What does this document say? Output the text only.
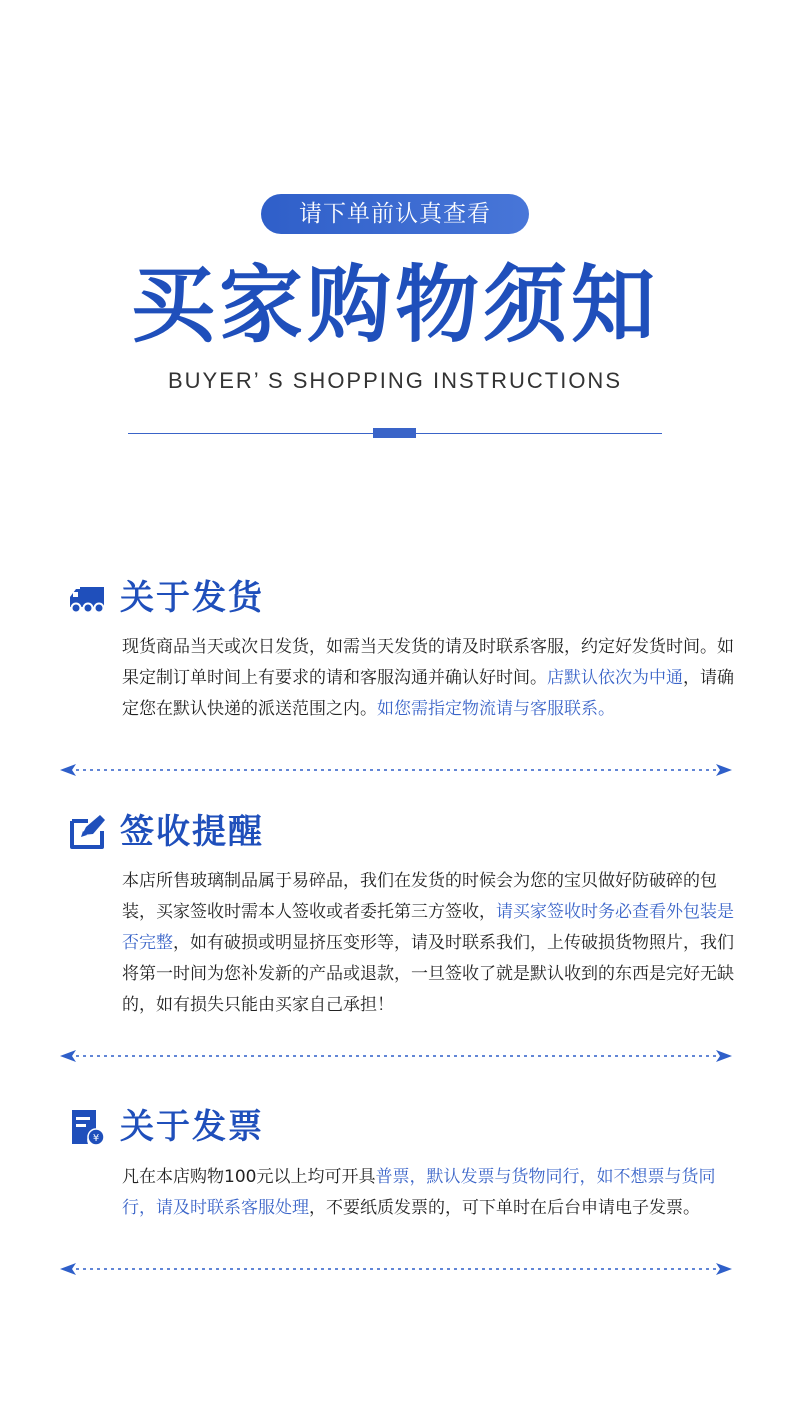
请下单前认真查看
买家购物须知
BUYER’ S SHOPPING INSTRUCTIONS
关于发货
现货商品当天或次日发货，如需当天发货的请及时联系客服，约定好发货时间。如果定制订单时间上有要求的请和客服沟通并确认好时间。店默认依次为中通，请确定您在默认快递的派送范围之内。如您需指定物流请与客服联系。
签收提醒
本店所售玻璃制品属于易碎品，我们在发货的时候会为您的宝贝做好防破碎的包装，买家签收时需本人签收或者委托第三方签收，请买家签收时务必查看外包装是否完整，如有破损或明显挤压变形等，请及时联系我们，上传破损货物照片，我们将第一时间为您补发新的产品或退款，一旦签收了就是默认收到的东西是完好无缺的，如有损失只能由买家自己承担！
¥ 关于发票
凡在本店购物100元以上均可开具普票，默认发票与货物同行，如不想票与货同行，请及时联系客服处理，不要纸质发票的，可下单时在后台申请电子发票。
